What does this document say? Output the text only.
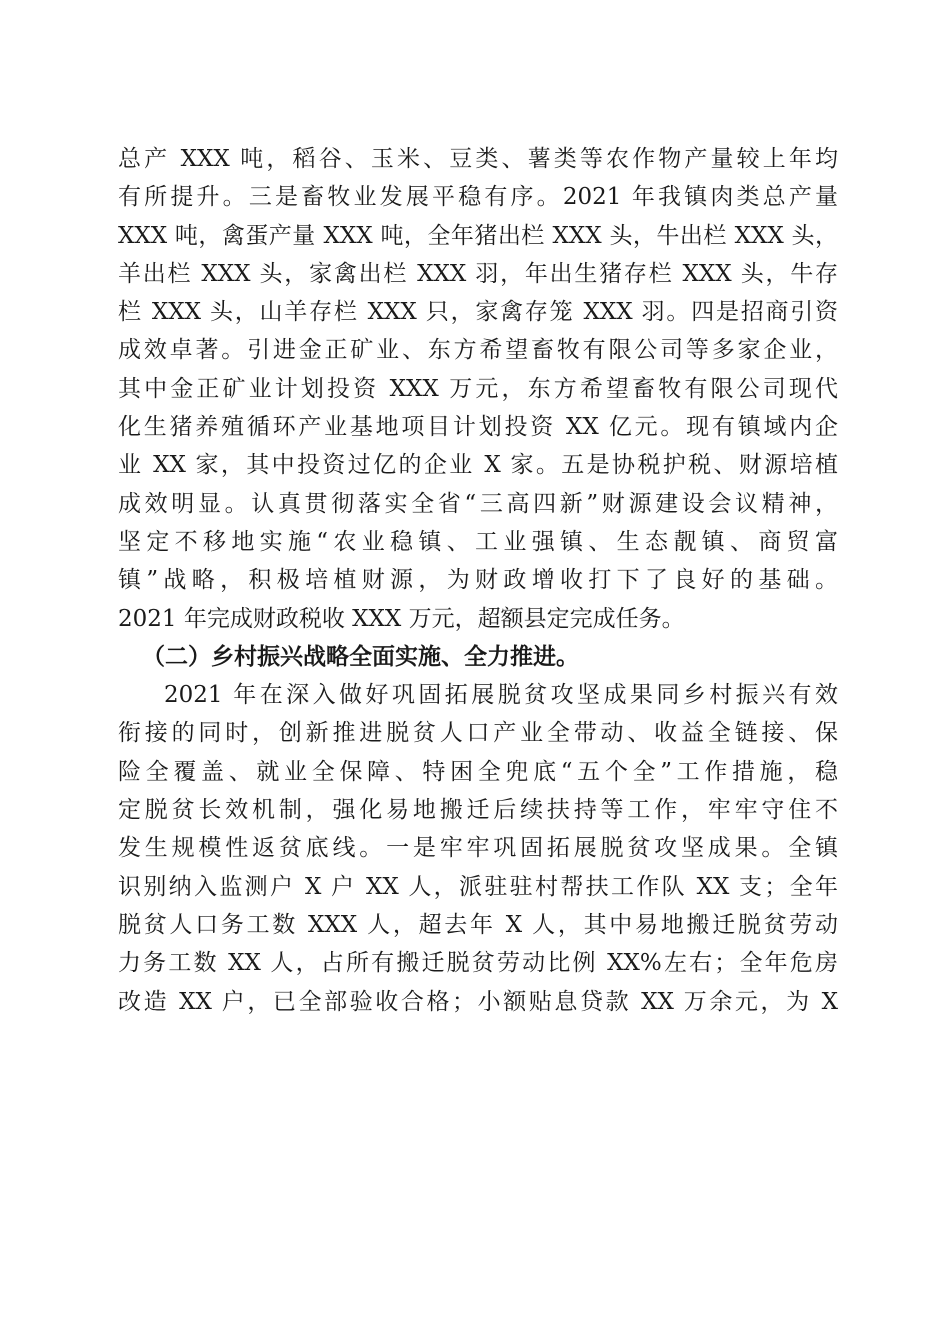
总产 XXX 吨，稻谷、玉米、豆类、薯类等农作物产量较上年均
有所提升。三是畜牧业发展平稳有序。2021 年我镇肉类总产量
XXX 吨，禽蛋产量 XXX 吨，全年猪出栏 XXX 头，牛出栏 XXX 头，
羊出栏 XXX 头，家禽出栏 XXX 羽，年出生猪存栏 XXX 头，牛存
栏 XXX 头，山羊存栏 XXX 只，家禽存笼 XXX 羽。四是招商引资
成效卓著。引进金正矿业、东方希望畜牧有限公司等多家企业，
其中金正矿业计划投资 XXX 万元，东方希望畜牧有限公司现代
化生猪养殖循环产业基地项目计划投资 XX 亿元。现有镇域内企
业 XX 家，其中投资过亿的企业 X 家。五是协税护税、财源培植
成效明显。认真贯彻落实全省“三高四新”财源建设会议精神，
坚定不移地实施“农业稳镇、工业强镇、生态靓镇、商贸富
镇”战略，积极培植财源，为财政增收打下了良好的基础。
2021 年完成财政税收 XXX 万元，超额县定完成任务。
（二）乡村振兴战略全面实施、全力推进。
2021 年在深入做好巩固拓展脱贫攻坚成果同乡村振兴有效
衔接的同时，创新推进脱贫人口产业全带动、收益全链接、保
险全覆盖、就业全保障、特困全兜底“五个全”工作措施，稳
定脱贫长效机制，强化易地搬迁后续扶持等工作，牢牢守住不
发生规模性返贫底线。一是牢牢巩固拓展脱贫攻坚成果。全镇
识别纳入监测户 X 户 XX 人，派驻驻村帮扶工作队 XX 支；全年
脱贫人口务工数 XXX 人，超去年 X 人，其中易地搬迁脱贫劳动
力务工数 XX 人，占所有搬迁脱贫劳动比例 XX%左右；全年危房
改造 XX 户，已全部验收合格；小额贴息贷款 XX 万余元，为 X
